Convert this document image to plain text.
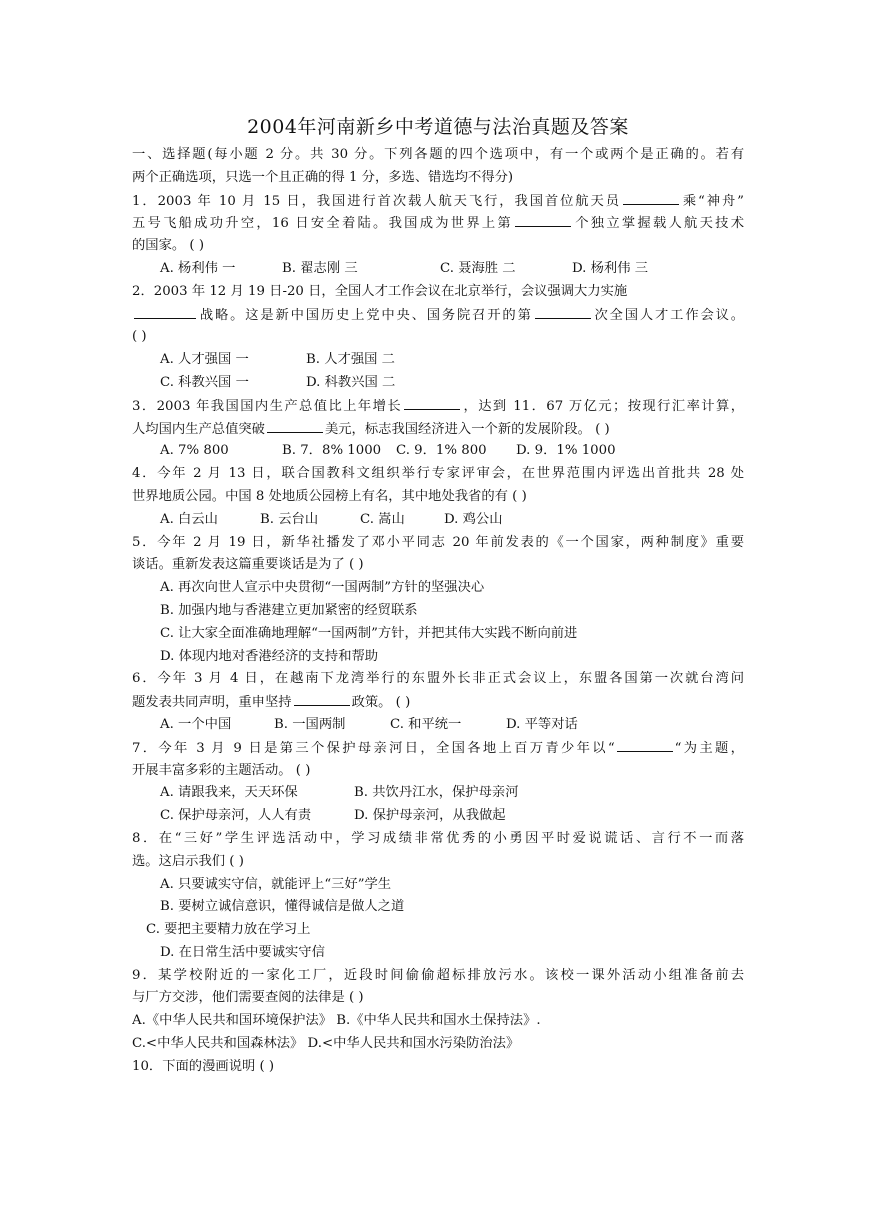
2004年河南新乡中考道德与法治真题及答案
一、选择题(每小题 2 分。共 30 分。下列各题的四个选项中，有一个或两个是正确的。若有
两个正确选项，只选一个且正确的得 1 分，多选、错选均不得分)
1．2003 年 10 月 15 日，我国进行首次载人航天飞行，我国首位航天员	乘“神舟”
五号飞船成功升空，16 日安全着陆。我国成为世界上第	个独立掌握载人航天技术
的国家。 ( )
A. 杨利伟 一	B. 翟志刚 三	C. 聂海胜 二	D. 杨利伟 三
2．2003 年 12 月 19 日-20 日，全国人才工作会议在北京举行，会议强调大力实施
战略。这是新中国历史上党中央、国务院召开的第	次全国人才工作会议。
( )
A. 人才强国 一	B. 人才强国 二
C. 科教兴国 一	D. 科教兴国 二
3．2003 年我国国内生产总值比上年增长	，达到 11．67 万亿元；按现行汇率计算，
人均国内生产总值突破	美元，标志我国经济进入一个新的发展阶段。 ( )
A. 7% 800	B. 7．8% 1000 C. 9．1% 800 D. 9．1% 1000
4．今年 2 月 13 日，联合国教科文组织举行专家评审会，在世界范围内评选出首批共 28 处
世界地质公园。中国 8 处地质公园榜上有名，其中地处我省的有 ( )
A. 白云山	B. 云台山	C. 嵩山	D. 鸡公山
5．今年 2 月 19 日，新华社播发了邓小平同志 20 年前发表的《一个国家，两种制度》重要
谈话。重新发表这篇重要谈话是为了 ( )
A. 再次向世人宣示中央贯彻“一国两制”方针的坚强决心
B. 加强内地与香港建立更加紧密的经贸联系
C. 让大家全面准确地理解“一国两制”方针，并把其伟大实践不断向前进
D. 体现内地对香港经济的支持和帮助
6．今年 3 月 4 日，在越南下龙湾举行的东盟外长非正式会议上，东盟各国第一次就台湾问
题发表共同声明，重申坚持	政策。 ( )
A. 一个中国	B. 一国两制	C. 和平统一	D. 平等对话
7．今年 3 月 9 日是第三个保护母亲河日，全国各地上百万青少年以“	“为主题，
开展丰富多彩的主题活动。 ( )
A. 请跟我来，天天环保	B. 共饮丹江水，保护母亲河
C. 保护母亲河，人人有责	D. 保护母亲河，从我做起
8．在“三好”学生评选活动中，学习成绩非常优秀的小勇因平时爱说谎话、言行不一而落
选。这启示我们 ( )
A. 只要诚实守信，就能评上“三好”学生
B. 要树立诚信意识，懂得诚信是做人之道
C. 要把主要精力放在学习上
D. 在日常生活中要诚实守信
9．某学校附近的一家化工厂，近段时间偷偷超标排放污水。该校一课外活动小组准备前去
与厂方交涉，他们需要查阅的法律是 ( )
A.《中华人民共和国环境保护法》 B.《中华人民共和国水土保持法》.
C.<中华人民共和国森林法》 D.<中华人民共和国水污染防治法》
10．下面的漫画说明 ( )
